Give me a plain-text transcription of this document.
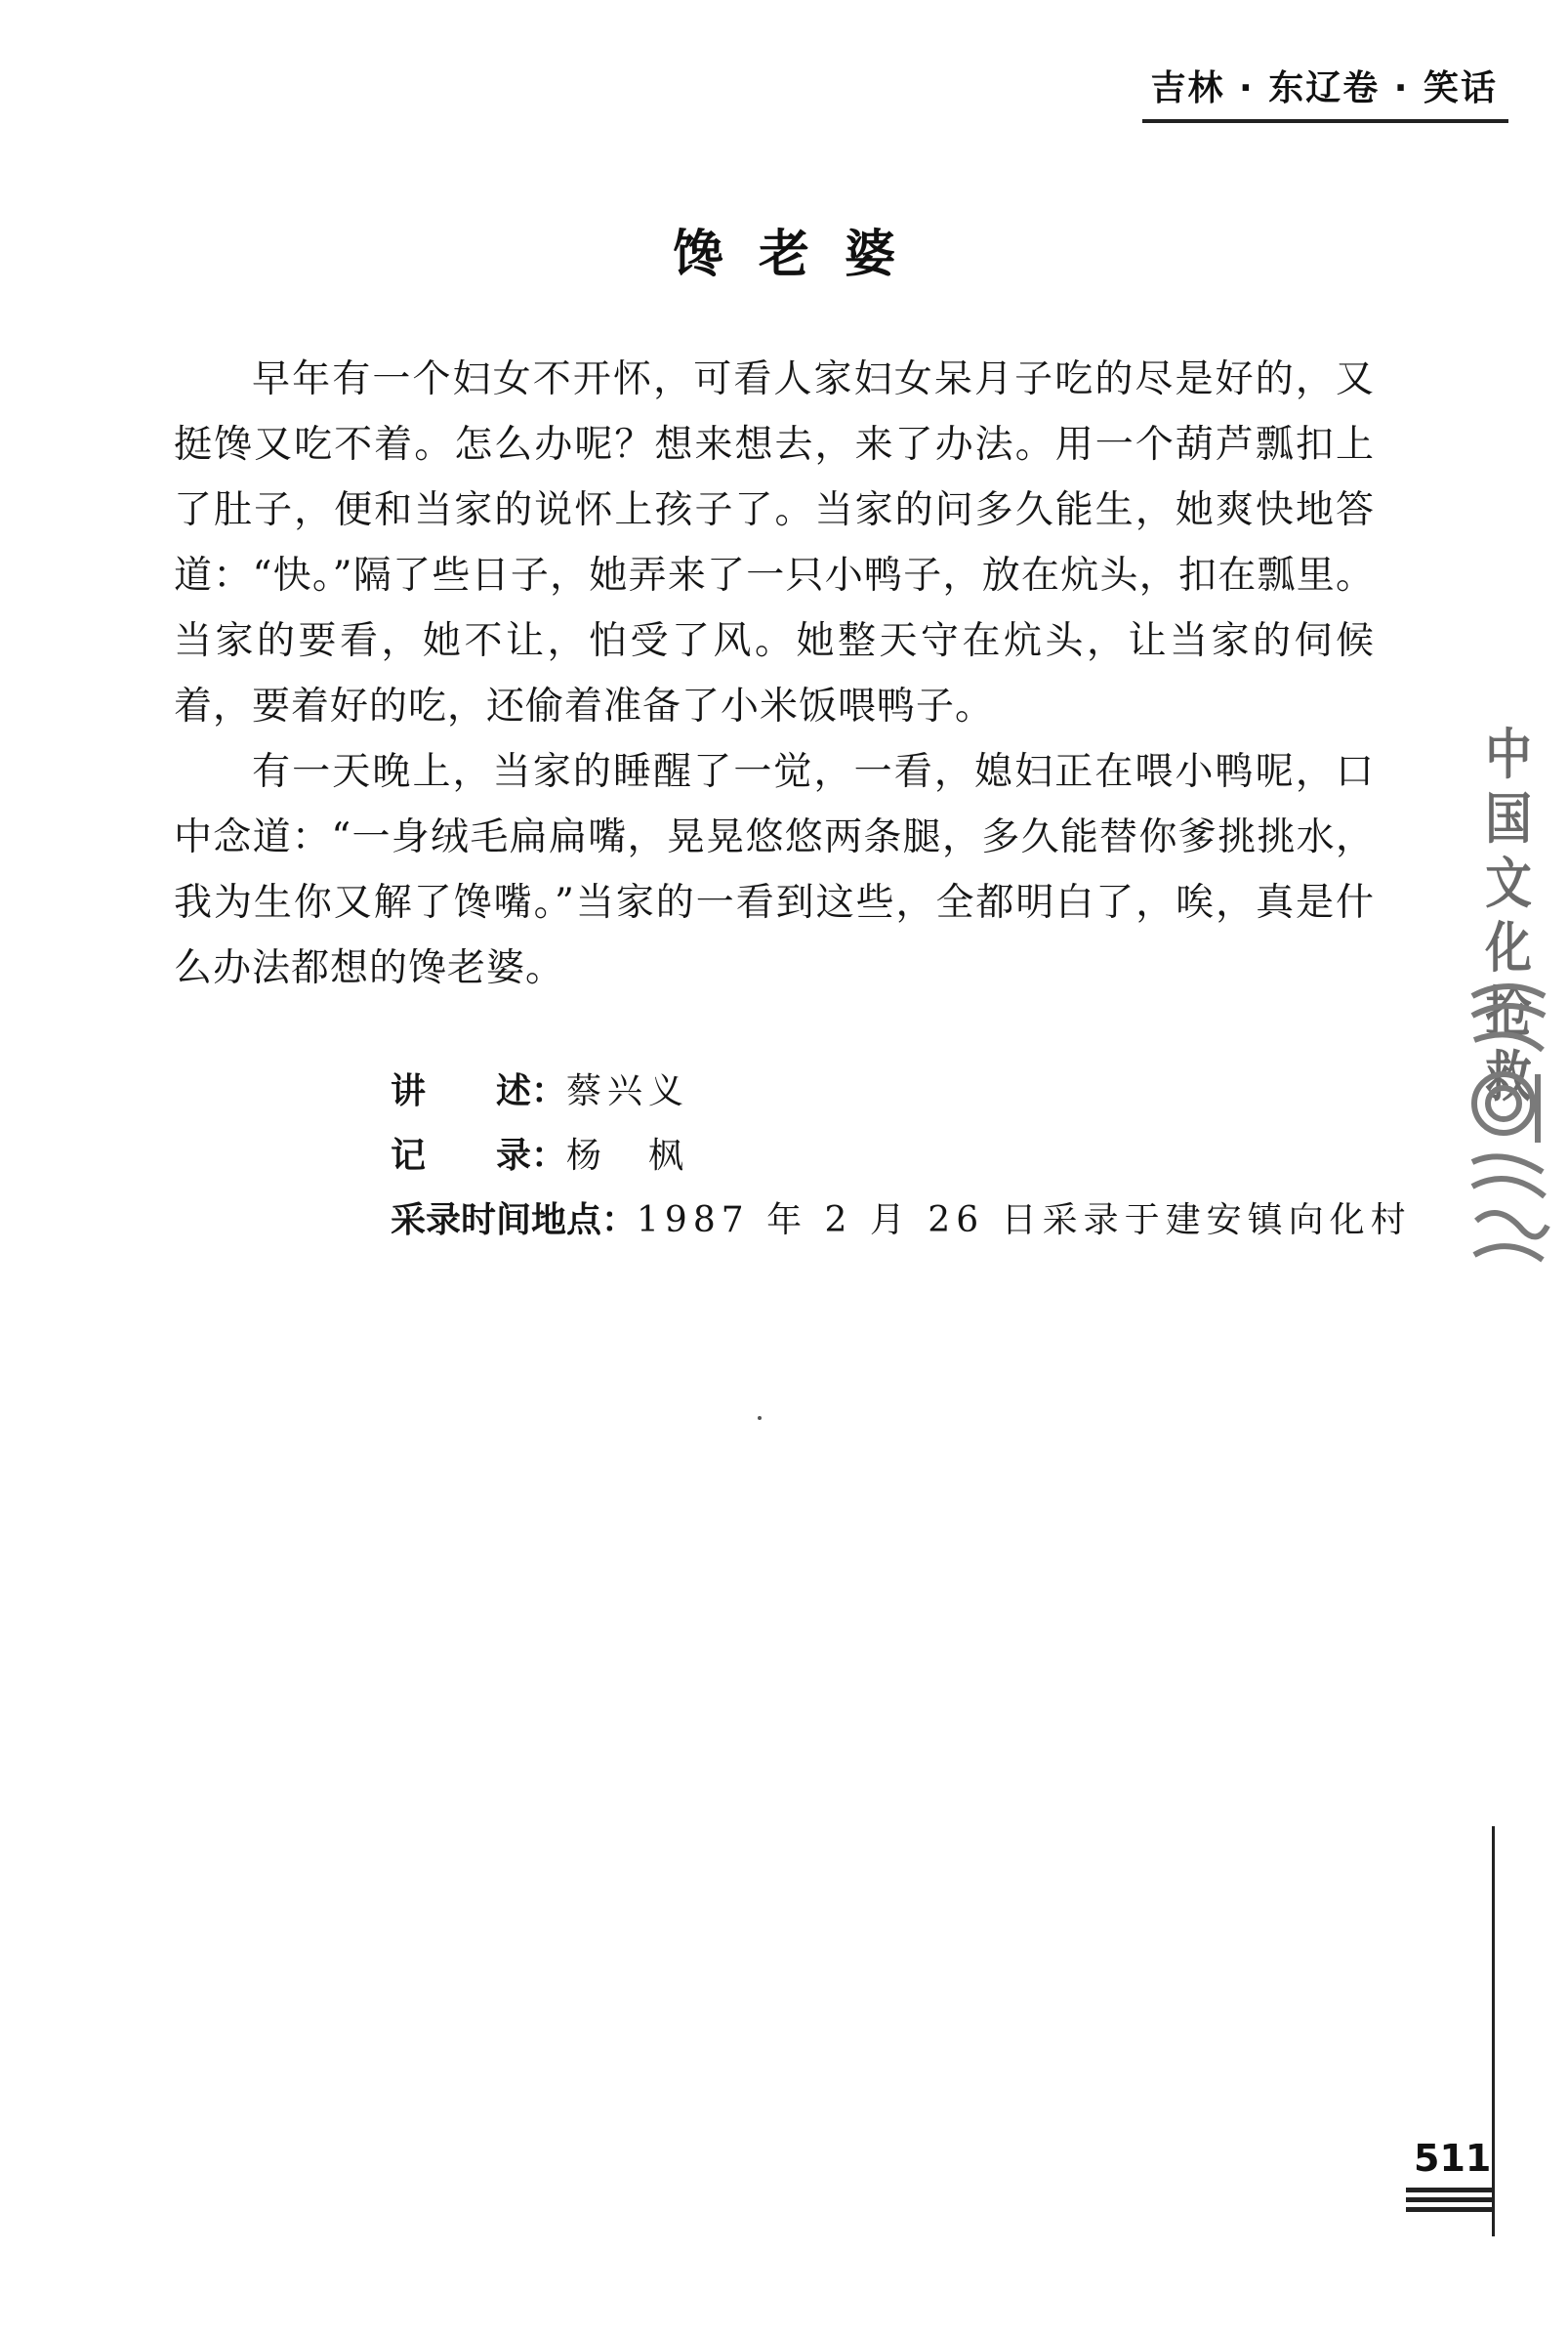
吉林 · 东辽卷 · 笑话
馋老婆

早年有一个妇女不开怀，可看人家妇女呆月子吃的尽是好的，又挺馋又吃不着。怎么办呢？想来想去，来了办法。用一个葫芦瓢扣上了肚子，便和当家的说怀上孩子了。当家的问多久能生，她爽快地答道：“快。”隔了些日子，她弄来了一只小鸭子，放在炕头，扣在瓢里。当家的要看，她不让，怕受了风。她整天守在炕头，让当家的伺候着，要着好的吃，还偷着准备了小米饭喂鸭子。

有一天晚上，当家的睡醒了一觉，一看，媳妇正在喂小鸭呢，口中念道：“一身绒毛扁扁嘴，晃晃悠悠两条腿，多久能替你爹挑挑水，我为生你又解了馋嘴。”当家的一看到这些，全都明白了，唉，真是什么办法都想的馋老婆。

讲　　述：蔡兴义
记　　录：杨　枫
采录时间地点：1987 年 2 月 26 日采录于建安镇向化村
中国
文化
抢救
511
